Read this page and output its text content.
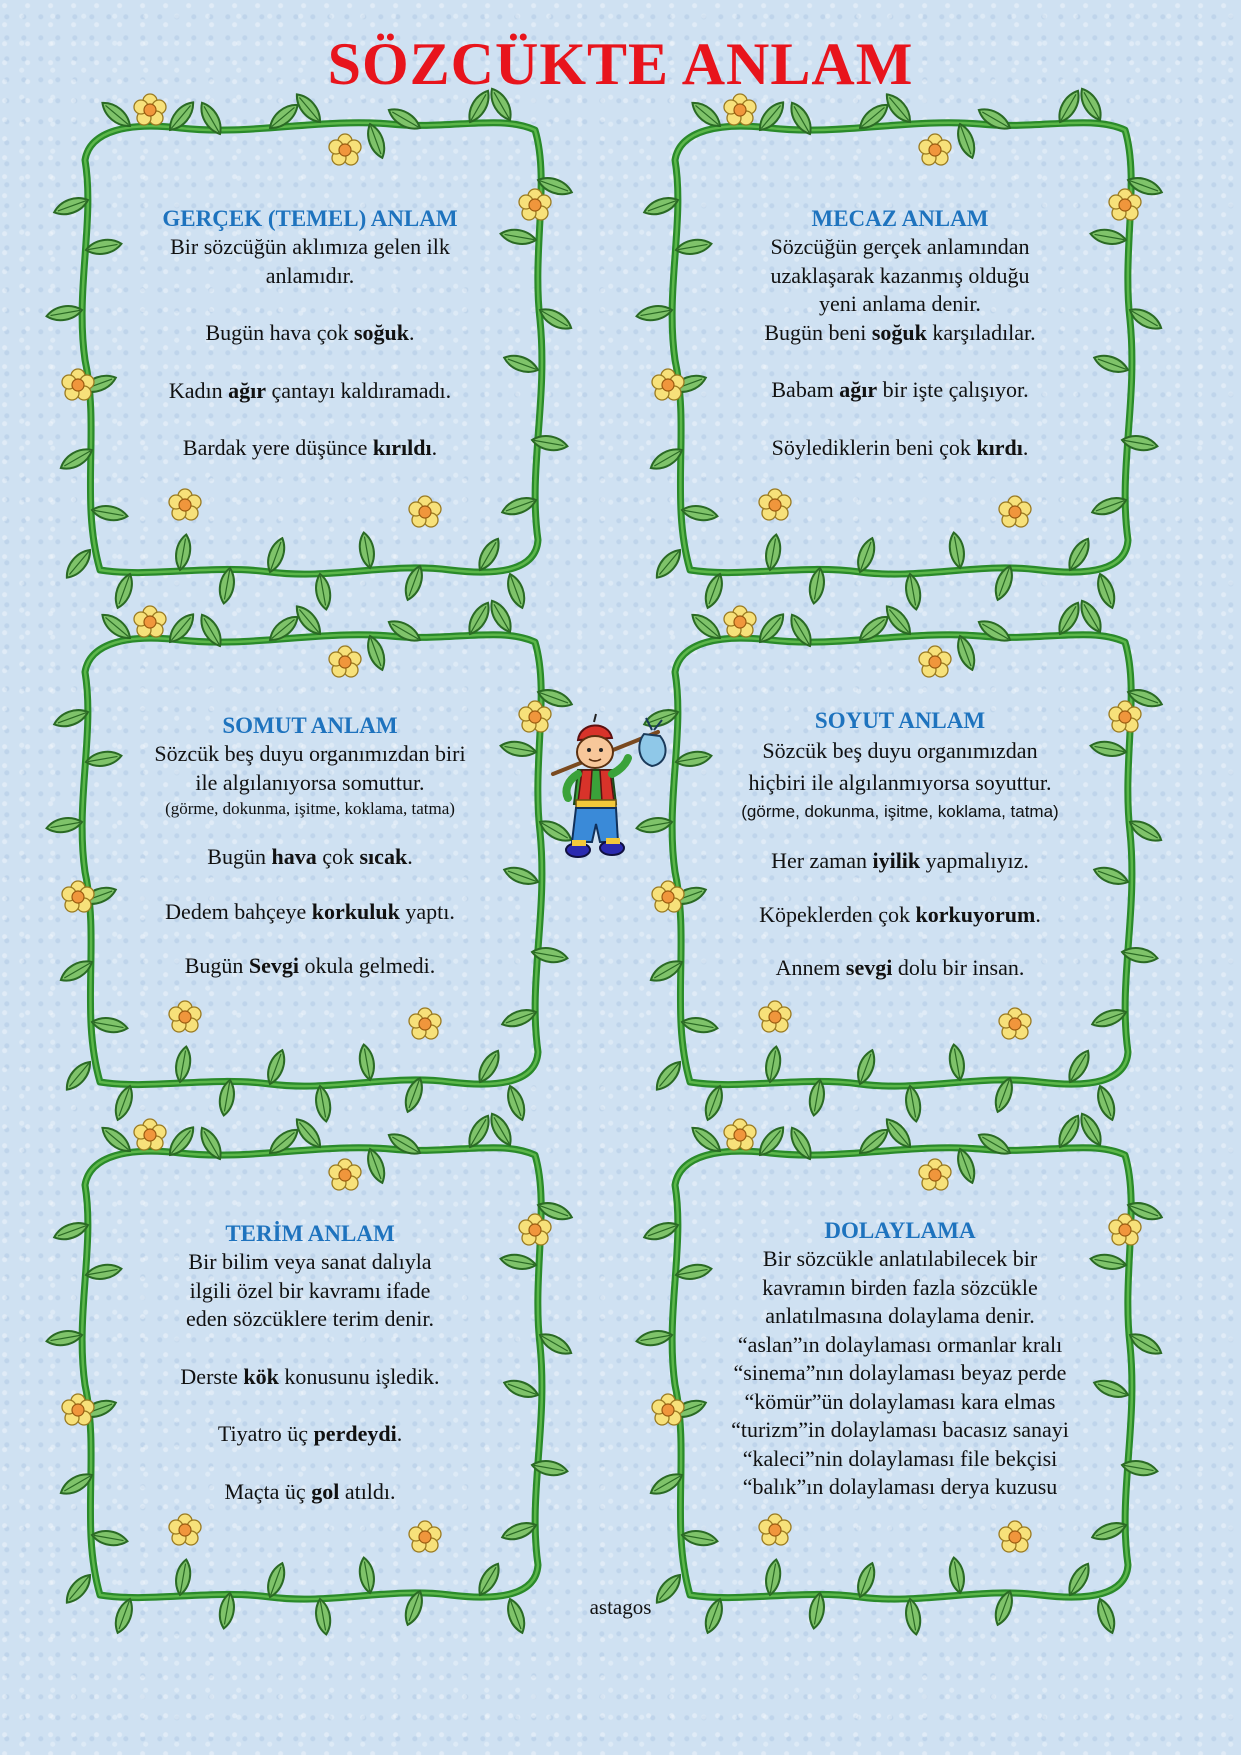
SÖZCÜKTE ANLAM
GERÇEK (TEMEL) ANLAM
Bir sözcüğün aklımıza gelen ilk
anlamıdır.
Bugün hava çok soğuk.
Kadın ağır çantayı kaldıramadı.
Bardak yere düşünce kırıldı.
MECAZ ANLAM
Sözcüğün gerçek anlamından
uzaklaşarak kazanmış olduğu
yeni anlama denir.
Bugün beni soğuk karşıladılar.
Babam ağır bir işte çalışıyor.
Söylediklerin beni çok kırdı.
SOMUT ANLAM
Sözcük beş duyu organımızdan biri
ile algılanıyorsa somuttur.
(görme, dokunma, işitme, koklama, tatma)
Bugün hava çok sıcak.
Dedem bahçeye korkuluk yaptı.
Bugün Sevgi okula gelmedi.
SOYUT ANLAM
Sözcük beş duyu organımızdan
hiçbiri ile algılanmıyorsa soyuttur.
(görme, dokunma, işitme, koklama, tatma)
Her zaman iyilik yapmalıyız.
Köpeklerden çok korkuyorum.
Annem sevgi dolu bir insan.
TERİM ANLAM
Bir bilim veya sanat dalıyla
ilgili özel bir kavramı ifade
eden sözcüklere terim denir.
Derste kök konusunu işledik.
Tiyatro üç perdeydi.
Maçta üç gol atıldı.
DOLAYLAMA
Bir sözcükle anlatılabilecek bir
kavramın birden fazla sözcükle
anlatılmasına dolaylama denir.
“aslan”ın dolaylaması ormanlar kralı
“sinema”nın dolaylaması beyaz perde
“kömür”ün dolaylaması kara elmas
“turizm”in dolaylaması bacasız sanayi
“kaleci”nin dolaylaması file bekçisi
“balık”ın dolaylaması derya kuzusu
astagos
